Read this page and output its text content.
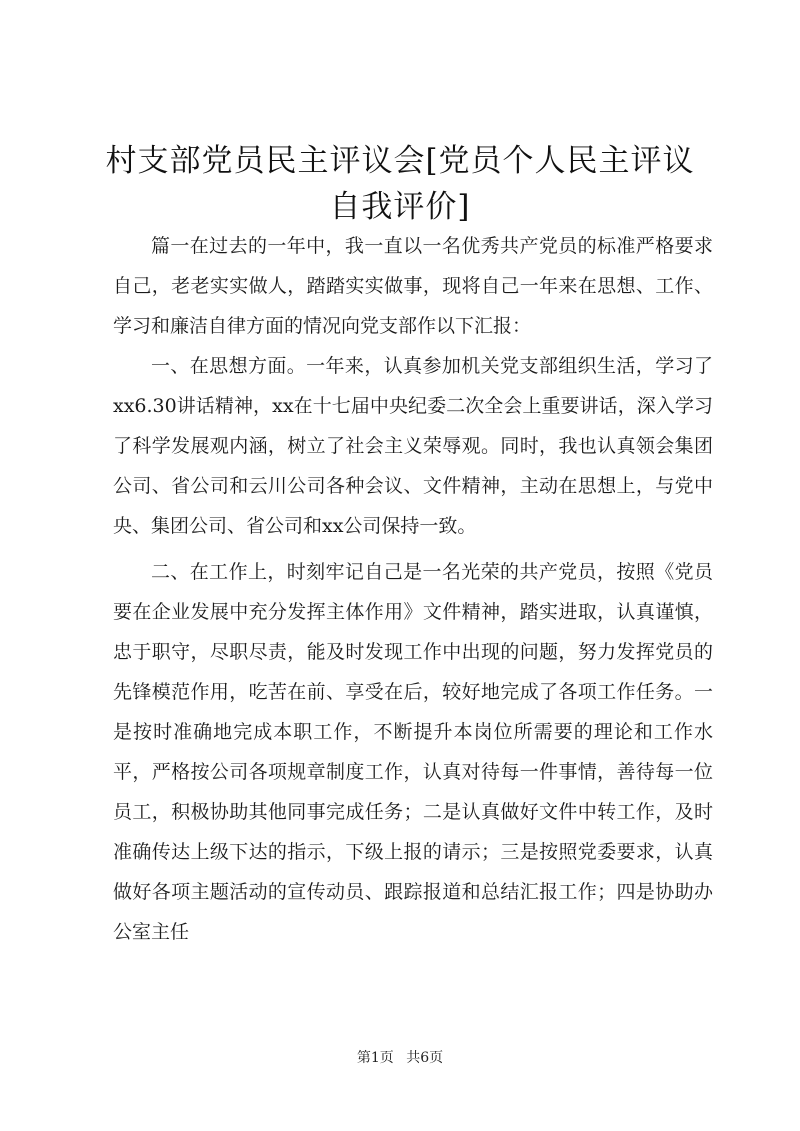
村支部党员民主评议会[党员个人民主评议自我评价]

篇一在过去的一年中，我一直以一名优秀共产党员的标准严格要求自己，老老实实做人，踏踏实实做事，现将自己一年来在思想、工作、学习和廉洁自律方面的情况向党支部作以下汇报：

一、在思想方面。一年来，认真参加机关党支部组织生活，学习了xx6.30讲话精神，xx在十七届中央纪委二次全会上重要讲话，深入学习了科学发展观内涵，树立了社会主义荣辱观。同时，我也认真领会集团公司、省公司和云川公司各种会议、文件精神，主动在思想上，与党中央、集团公司、省公司和xx公司保持一致。

二、在工作上，时刻牢记自己是一名光荣的共产党员，按照《党员要在企业发展中充分发挥主体作用》文件精神，踏实进取，认真谨慎，忠于职守，尽职尽责，能及时发现工作中出现的问题，努力发挥党员的先锋模范作用，吃苦在前、享受在后，较好地完成了各项工作任务。一是按时准确地完成本职工作，不断提升本岗位所需要的理论和工作水平，严格按公司各项规章制度工作，认真对待每一件事情，善待每一位员工，积极协助其他同事完成任务；二是认真做好文件中转工作，及时准确传达上级下达的指示，下级上报的请示；三是按照党委要求，认真做好各项主题活动的宣传动员、跟踪报道和总结汇报工作；四是协助办公室主任

第1页 共6页
